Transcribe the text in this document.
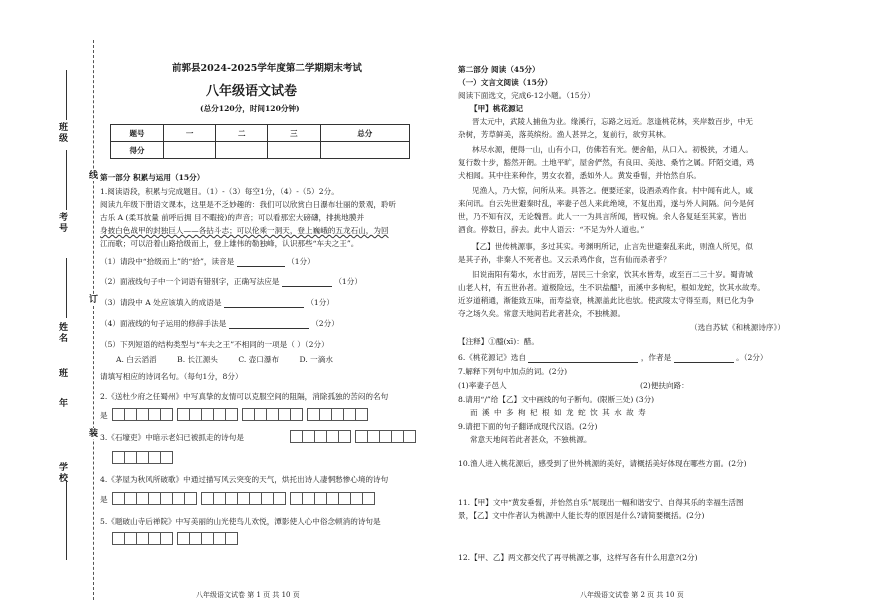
班级
考号
姓名
年
班
学校
线
订
装
前郭县2024-2025学年度第二学期期末考试
八年级语文试卷
(总分120分，时间120分钟)
题号	一	二	三	总分
得分				
第一部分 积累与运用（15分）
1.阅读语段，积累与完成题目。（1）-（3）每空1分，（4）-（5）2分。
阅读九年级下册语文课本，这里是不乏妙趣的：我们可以欣赏白日瀑布壮丽的景观，聆听
古乐 A (柔耳放量 前呼后拥 目不暇接)的声音；可以看那宏大磅礴，排挑地膜并
身披白色战甲的封独巨人——各拈斗志；可以伦乘一洞天，登上巍峨的五龙石山，为回
江而歌；可以沿着山路拾级而上，登上雄伟的勒独峰，认识那些“车夫之王”。
（1）请段中“拾级而上”的“拾”，读音是	（1分）
（2）面液线句子中一个词语有错别字，正确写法应是	（1分）
（3）请段中 A 处应该填入的成语是	（1分）
（4）面液线的句子运用的修辞手法是	（2分）
（5）下列短语的结构类型与“车夫之王”不相同的一项是（ ）（2分）
A. 白云滔滔	B. 长江源头	C. 壶口瀑布	D. 一滴水
请填写相应的诗词名句。（每句1分，8分）
2.《送杜少府之任蜀州》中写真挚的友情可以克服空间的阻隔，消除孤独的苦闷的名句
是
3.《石壕吏》中暗示老妇已被抓走的诗句是
4.《茅屋为秋风所破歌》中通过描写风云突变的天气，烘托出诗人凄惘愁惨心境的诗句
是
5.《题破山寺后禅院》中写美丽的山光使鸟儿欢悦，潭影使人心中俗念顿消的诗句是
八年级语文试卷 第 1 页 共 10 页
第二部分 阅读（45分）
（一）文言文阅读（15分）
阅读下面选文，完成6-12小题。（15分）
【甲】桃花源记
晋太元中，武陵人捕鱼为业。缘溪行，忘路之远近。忽逢桃花林，夹岸数百步，中无
杂树，芳草鲜美，落英缤纷。渔人甚异之，复前行，欲穷其林。
林尽水源，便得一山，山有小口，仿佛若有光。便舍船，从口入。初极狭，才通人。
复行数十步，豁然开朗。土地平旷，屋舍俨然，有良田、美池、桑竹之属。阡陌交通，鸡
犬相闻。其中往来种作，男女衣着，悉如外人。黄发垂髫，并怡然自乐。
见渔人，乃大惊，问所从来。具答之。便要还家，设酒杀鸡作食。村中闻有此人，咸
来问讯。自云先世避秦时乱，率妻子邑人来此绝境，不复出焉，遂与外人间隔。问今是何
世，乃不知有汉，无论魏晋。此人一一为具言所闻，皆叹惋。余人各复延至其家，皆出
酒食。停数日，辞去。此中人语云：“不足为外人道也。”
【乙】世传桃源事，多过其实。考渊明所记，止言先世避秦乱来此，则渔人所见，似
是其子孙，非秦人不死者也。又云杀鸡作食，岂有仙而杀者乎？
旧说南阳有菊水，水甘而芳，居民三十余家，饮其水皆寿，或至百二三十岁。蜀青城
山老人村，有五世孙者。道极险远，生不识盐醯¹，而溪中多枸杞，根如龙蛇，饮其水故寿。
近岁道稍通，渐能致五味，而寿益衰，桃源盖此比也欤。使武陵太守得至焉，则已化为争
夺之场久矣。常意天地间若此者甚众，不独桃源。
（选自苏轼《和桃源诗序》）
【注释】①醯(xī)：醋。
6.《桃花源记》选自	，作者是	。（2分）
7.解释下列句中加点的词。(2分)
(1)率妻子邑人	(2)便扶向路：
8.请用“/”给【乙】文中画线的句子断句。(限断三处) (3分)
而 溪 中 多 枸 杞 根 如 龙 蛇 饮 其 水 故 寿
9.请把下面的句子翻译成现代汉语。(2分)
常意天地间若此者甚众，不独桃源。
10.渔人进入桃花源后，感受到了世外桃源的美好，请概括美好体现在哪些方面。(2分)
11.【甲】文中“黄发垂髫，并怡然自乐”展现出一幅和谐安宁、自得其乐的幸福生活图
景，【乙】文中作者认为桃源中人能长寿的原因是什么?请简要概括。(2分)
12.【甲、乙】两文都交代了再寻桃源之事，这样写各有什么用意?(2分)
八年级语文试卷 第 2 页 共 10 页
